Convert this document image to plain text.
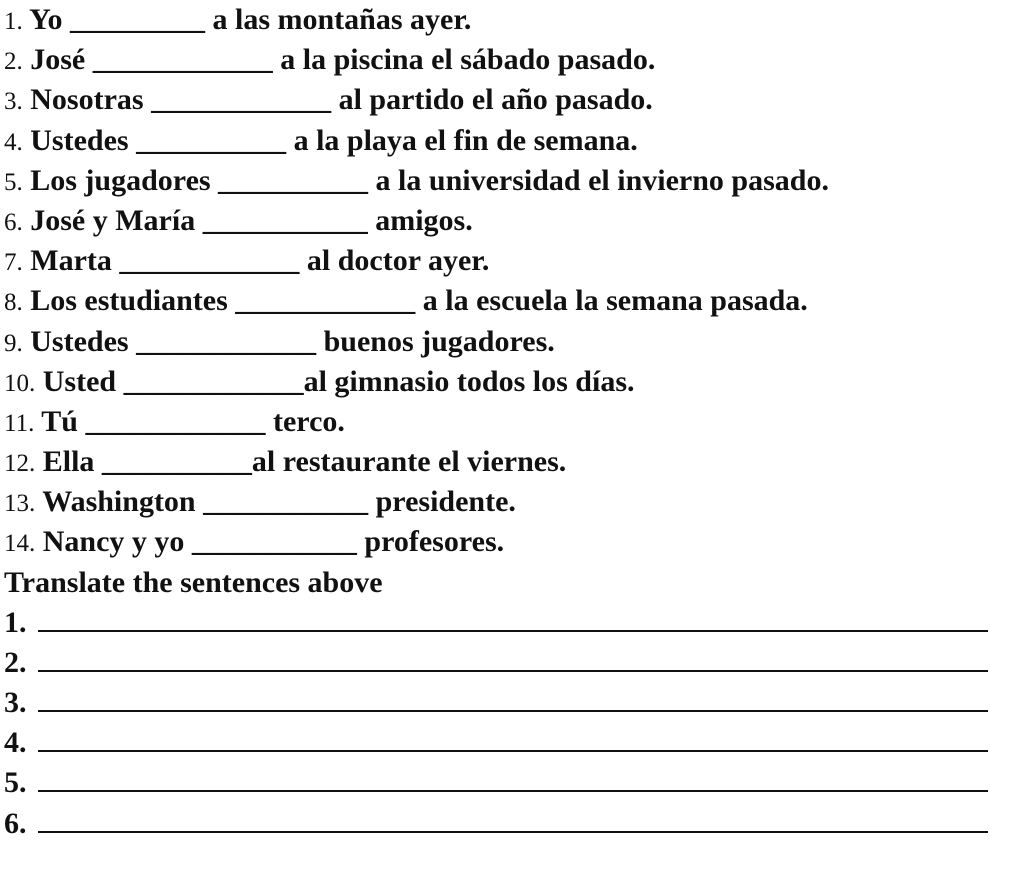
1. Yo _________ a las montañas ayer.
2. José ____________ a la piscina el sábado pasado.
3. Nosotras ____________ al partido el año pasado.
4. Ustedes __________ a la playa el fin de semana.
5. Los jugadores __________ a la universidad el invierno pasado.
6. José y María ___________ amigos.
7. Marta ____________ al doctor ayer.
8. Los estudiantes ____________ a la escuela la semana pasada.
9. Ustedes ____________ buenos jugadores.
10. Usted ____________al gimnasio todos los días.
11. Tú ____________ terco.
12. Ella __________al restaurante el viernes.
13. Washington ___________ presidente.
14. Nancy y yo ___________ profesores.
Translate the sentences above
1.
2.
3.
4.
5.
6.
